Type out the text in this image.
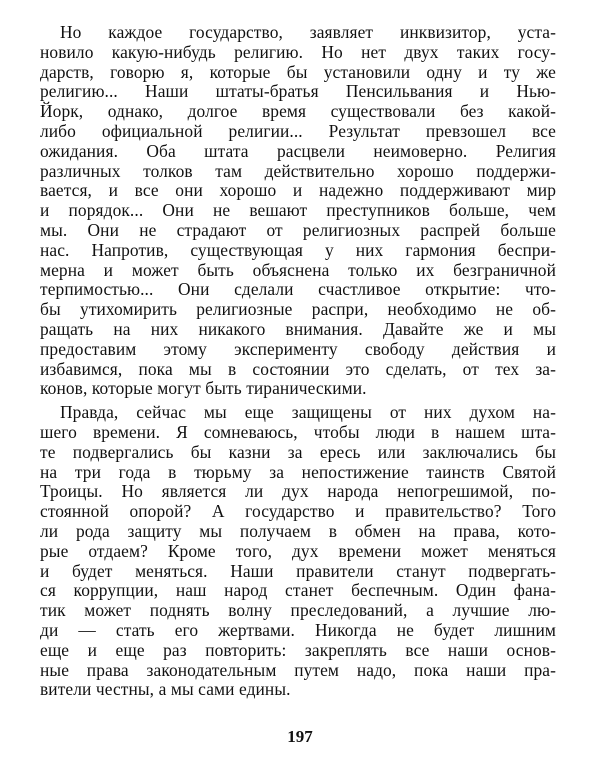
Но каждое государство, заявляет инквизитор, уста-
новило какую-нибудь религию. Но нет двух таких госу-
дарств, говорю я, которые бы установили одну и ту же
религию... Наши штаты-братья Пенсильвания и Нью-
Йорк, однако, долгое время существовали без какой-
либо официальной религии... Результат превзошел все
ожидания. Оба штата расцвели неимоверно. Религия
различных толков там действительно хорошо поддержи-
вается, и все они хорошо и надежно поддерживают мир
и порядок... Они не вешают преступников больше, чем
мы. Они не страдают от религиозных распрей больше
нас. Напротив, существующая у них гармония беспри-
мерна и может быть объяснена только их безграничной
терпимостью... Они сделали счастливое открытие: что-
бы утихомирить религиозные распри, необходимо не об-
ращать на них никакого внимания. Давайте же и мы
предоставим этому эксперименту свободу действия и
избавимся, пока мы в состоянии это сделать, от тех за-
конов, которые могут быть тираническими.
Правда, сейчас мы еще защищены от них духом на-
шего времени. Я сомневаюсь, чтобы люди в нашем штa-
те подвергались бы казни за ересь или заключались бы
на три года в тюрьму за непостижение таинств Святой
Троицы. Но является ли дух народа непогрешимой, по-
стоянной опорой? А государство и правительство? Того
ли рода защиту мы получаем в обмен на права, кото-
рые отдаем? Кроме того, дух времени может меняться
и будет меняться. Наши правители станут подвергать-
ся коррупции, наш народ станет беспечным. Один фана-
тик может поднять волну преследований, а лучшие лю-
ди — стать его жертвами. Никогда не будет лишним
еще и еще раз повторить: закреплять все наши основ-
ные права законодательным путем надо, пока наши пра-
вители честны, а мы сами едины.
197
